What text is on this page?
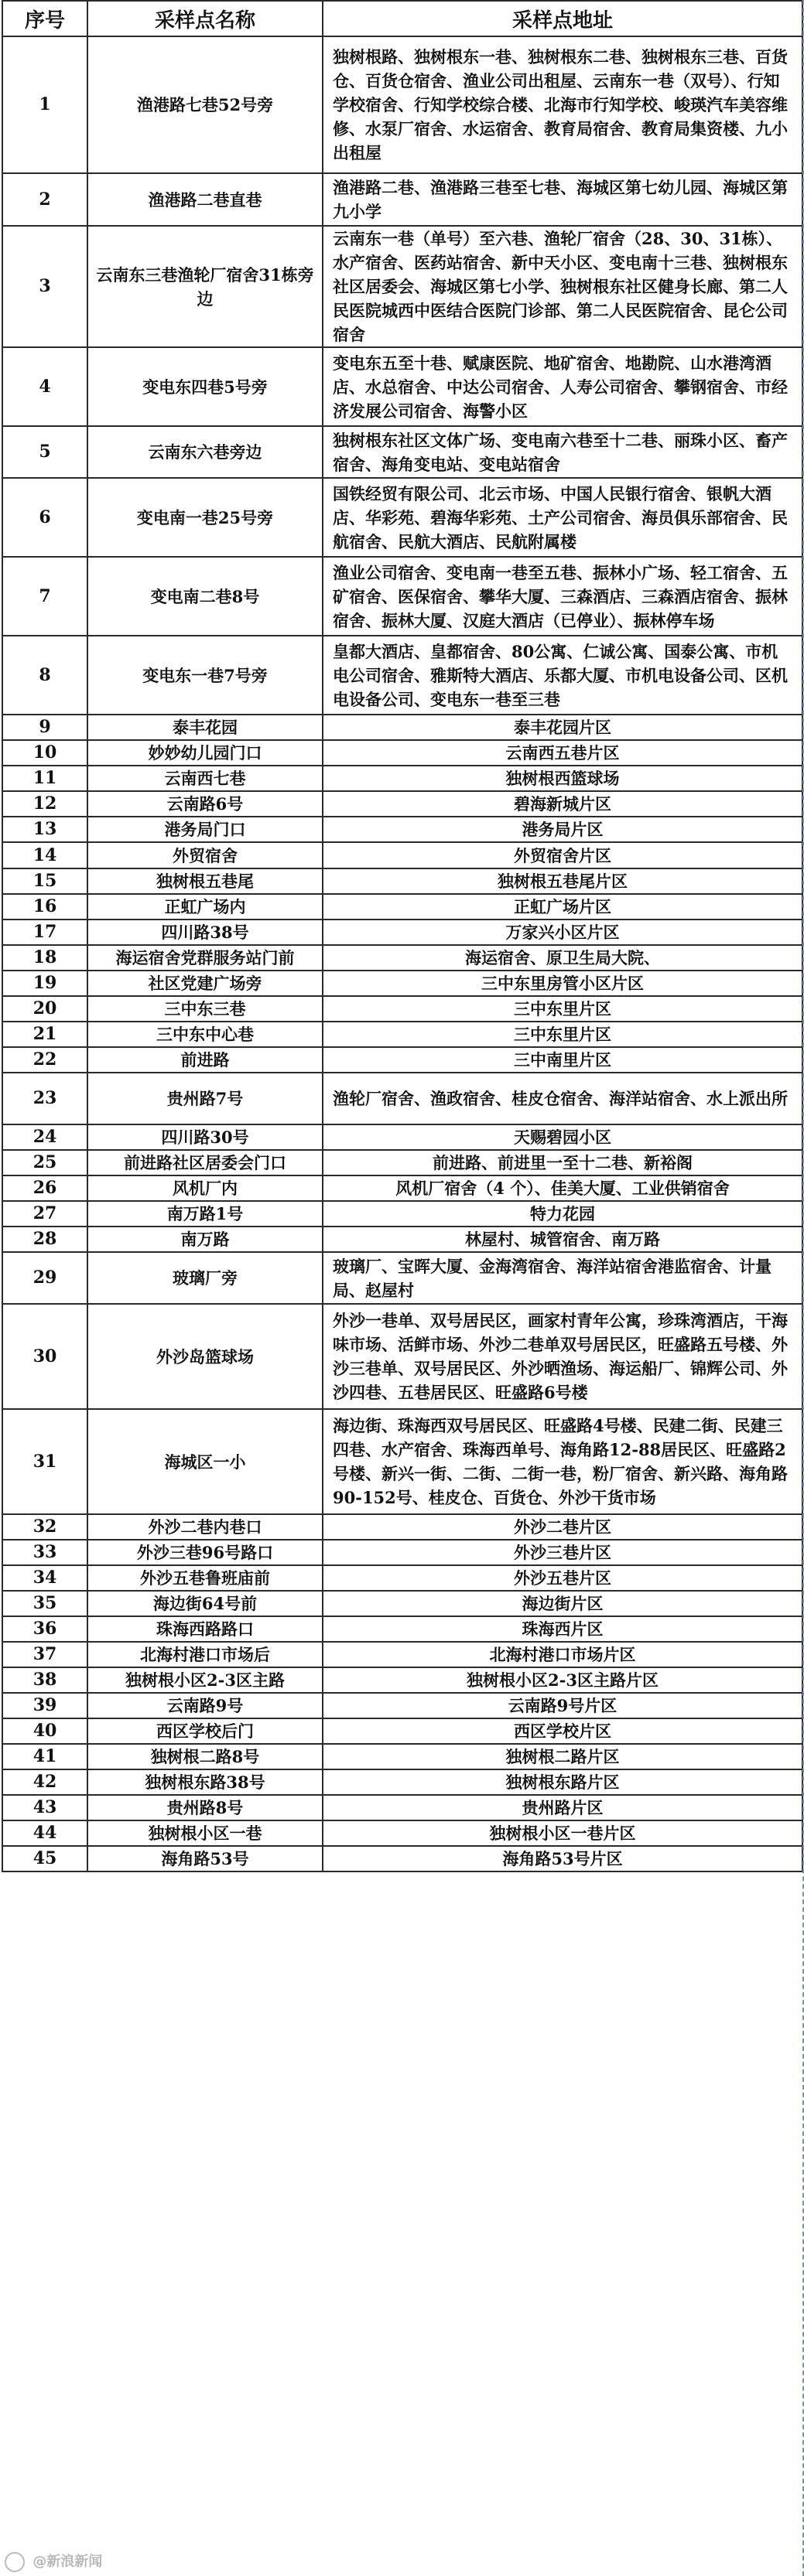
序号	采样点名称	采样点地址
1	渔港路七巷52号旁	独树根路、独树根东一巷、独树根东二巷、独树根东三巷、百货仓、百货仓宿舍、渔业公司出租屋、云南东一巷（双号）、行知学校宿舍、行知学校综合楼、北海市行知学校、峻瑛汽车美容维修、水泵厂宿舍、水运宿舍、教育局宿舍、教育局集资楼、九小出租屋
2	渔港路二巷直巷	渔港路二巷、渔港路三巷至七巷、海城区第七幼儿园、海城区第九小学
3	云南东三巷渔轮厂宿舍31栋旁边	云南东一巷（单号）至六巷、渔轮厂宿舍（28、30、31栋）、水产宿舍、医药站宿舍、新中天小区、变电南十三巷、独树根东社区居委会、海城区第七小学、独树根东社区健身长廊、第二人民医院城西中医结合医院门诊部、第二人民医院宿舍、昆仑公司宿舍
4	变电东四巷5号旁	变电东五至十巷、赋康医院、地矿宿舍、地勘院、山水港湾酒店、水总宿舍、中达公司宿舍、人寿公司宿舍、攀钢宿舍、市经济发展公司宿舍、海警小区
5	云南东六巷旁边	独树根东社区文体广场、变电南六巷至十二巷、丽珠小区、畜产宿舍、海角变电站、变电站宿舍
6	变电南一巷25号旁	国铁经贸有限公司、北云市场、中国人民银行宿舍、银帆大酒店、华彩苑、碧海华彩苑、土产公司宿舍、海员俱乐部宿舍、民航宿舍、民航大酒店、民航附属楼
7	变电南二巷8号	渔业公司宿舍、变电南一巷至五巷、振林小广场、轻工宿舍、五矿宿舍、医保宿舍、攀华大厦、三森酒店、三森酒店宿舍、振林宿舍、振林大厦、汉庭大酒店（已停业）、振林停车场
8	变电东一巷7号旁	皇都大酒店、皇都宿舍、80公寓、仁诚公寓、国泰公寓、市机电公司宿舍、雅斯特大酒店、乐都大厦、市机电设备公司、区机电设备公司、变电东一巷至三巷
9	泰丰花园	泰丰花园片区
10	妙妙幼儿园门口	云南西五巷片区
11	云南西七巷	独树根西篮球场
12	云南路6号	碧海新城片区
13	港务局门口	港务局片区
14	外贸宿舍	外贸宿舍片区
15	独树根五巷尾	独树根五巷尾片区
16	正虹广场内	正虹广场片区
17	四川路38号	万家兴小区片区
18	海运宿舍党群服务站门前	海运宿舍、原卫生局大院、
19	社区党建广场旁	三中东里房管小区片区
20	三中东三巷	三中东里片区
21	三中东中心巷	三中东里片区
22	前进路	三中南里片区
23	贵州路7号	渔轮厂宿舍、渔政宿舍、桂皮仓宿舍、海洋站宿舍、水上派出所
24	四川路30号	天赐碧园小区
25	前进路社区居委会门口	前进路、前进里一至十二巷、新裕阁
26	风机厂内	风机厂宿舍（4 个）、佳美大厦、工业供销宿舍
27	南万路1号	特力花园
28	南万路	林屋村、城管宿舍、南万路
29	玻璃厂旁	玻璃厂、宝晖大厦、金海湾宿舍、海洋站宿舍港监宿舍、计量局、赵屋村
30	外沙岛篮球场	外沙一巷单、双号居民区，画家村青年公寓，珍珠湾酒店，干海味市场、活鲜市场、外沙二巷单双号居民区，旺盛路五号楼、外沙三巷单、双号居民区、外沙晒渔场、海运船厂、锦辉公司、外沙四巷、五巷居民区、旺盛路6号楼
31	海城区一小	海边街、珠海西双号居民区、旺盛路4号楼、民建二街、民建三四巷、水产宿舍、珠海西单号、海角路12-88居民区、旺盛路2号楼、新兴一街、二街、二街一巷，粉厂宿舍、新兴路、海角路90-152号、桂皮仓、百货仓、外沙干货市场
32	外沙二巷内巷口	外沙二巷片区
33	外沙三巷96号路口	外沙三巷片区
34	外沙五巷鲁班庙前	外沙五巷片区
35	海边街64号前	海边街片区
36	珠海西路路口	珠海西片区
37	北海村港口市场后	北海村港口市场片区
38	独树根小区2-3区主路	独树根小区2-3区主路片区
39	云南路9号	云南路9号片区
40	西区学校后门	西区学校片区
41	独树根二路8号	独树根二路片区
42	独树根东路38号	独树根东路片区
43	贵州路8号	贵州路片区
44	独树根小区一巷	独树根小区一巷片区
45	海角路53号	海角路53号片区
@新浪新闻
